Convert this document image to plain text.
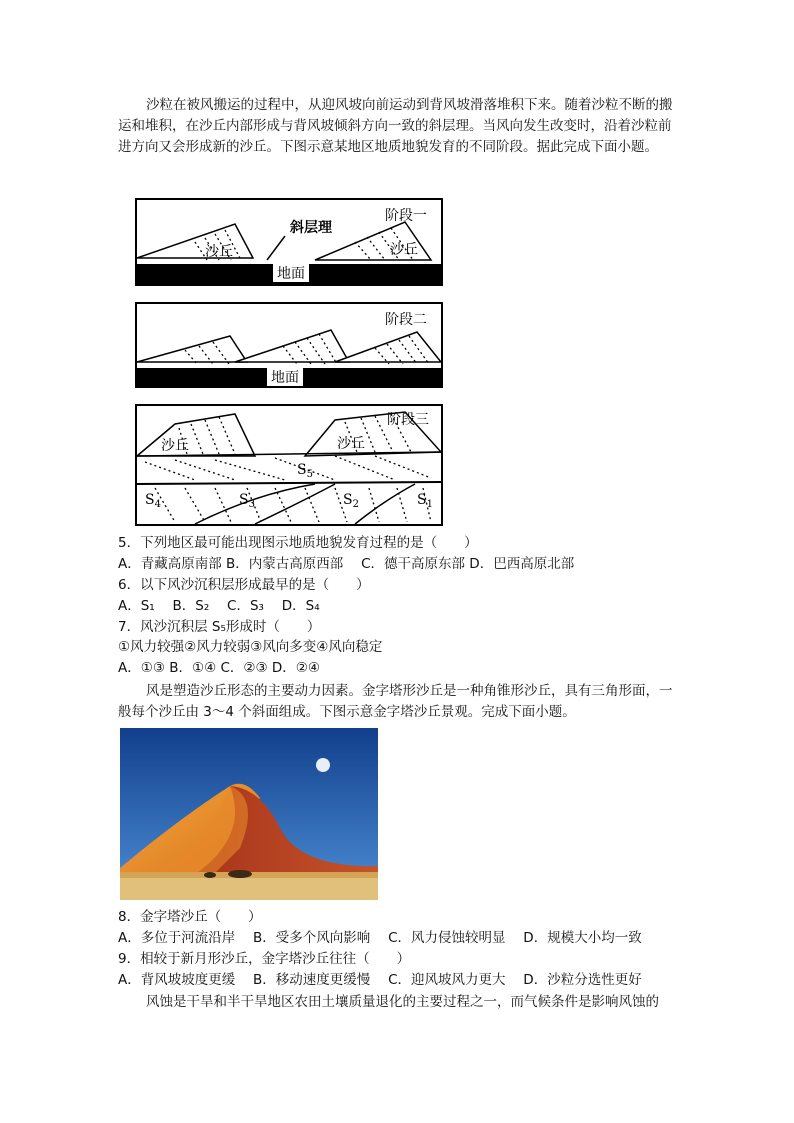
沙粒在被风搬运的过程中，从迎风坡向前运动到背风坡滑落堆积下来。随着沙粒不断的搬运和堆积，在沙丘内部形成与背风坡倾斜方向一致的斜层理。当风向发生改变时，沿着沙粒前进方向又会形成新的沙丘。下图示意某地区地质地貌发育的不同阶段。据此完成下面小题。
地面
斜层理
沙丘	沙丘
阶段一
地面
阶段二
沙丘	沙丘
阶段三
$S_5$
$S_4$	$S_3$	$S_2$	$S_1$
5．下列地区最可能出现图示地质地貌发育过程的是（　　）
A．青藏高原南部 B．内蒙古高原西部　 C．德干高原东部 D．巴西高原北部
6．以下风沙沉积层形成最早的是（　　）
A．S₁　 B．S₂　 C．S₃　 D．S₄
7．风沙沉积层 S₅形成时（　　）
①风力较强②风力较弱③风向多变④风向稳定
A．①③ B．①④ C．②③ D．②④
风是塑造沙丘形态的主要动力因素。金字塔形沙丘是一种角锥形沙丘，具有三角形面，一般每个沙丘由 3～4 个斜面组成。下图示意金字塔沙丘景观。完成下面小题。
8．金字塔沙丘（　　）
A．多位于河流沿岸　 B．受多个风向影响　 C．风力侵蚀较明显　 D．规模大小均一致
9．相较于新月形沙丘，金字塔沙丘往往（　　）
A．背风坡坡度更缓　 B．移动速度更缓慢　 C．迎风坡风力更大　 D．沙粒分选性更好
风蚀是干旱和半干旱地区农田土壤质量退化的主要过程之一，而气候条件是影响风蚀的
